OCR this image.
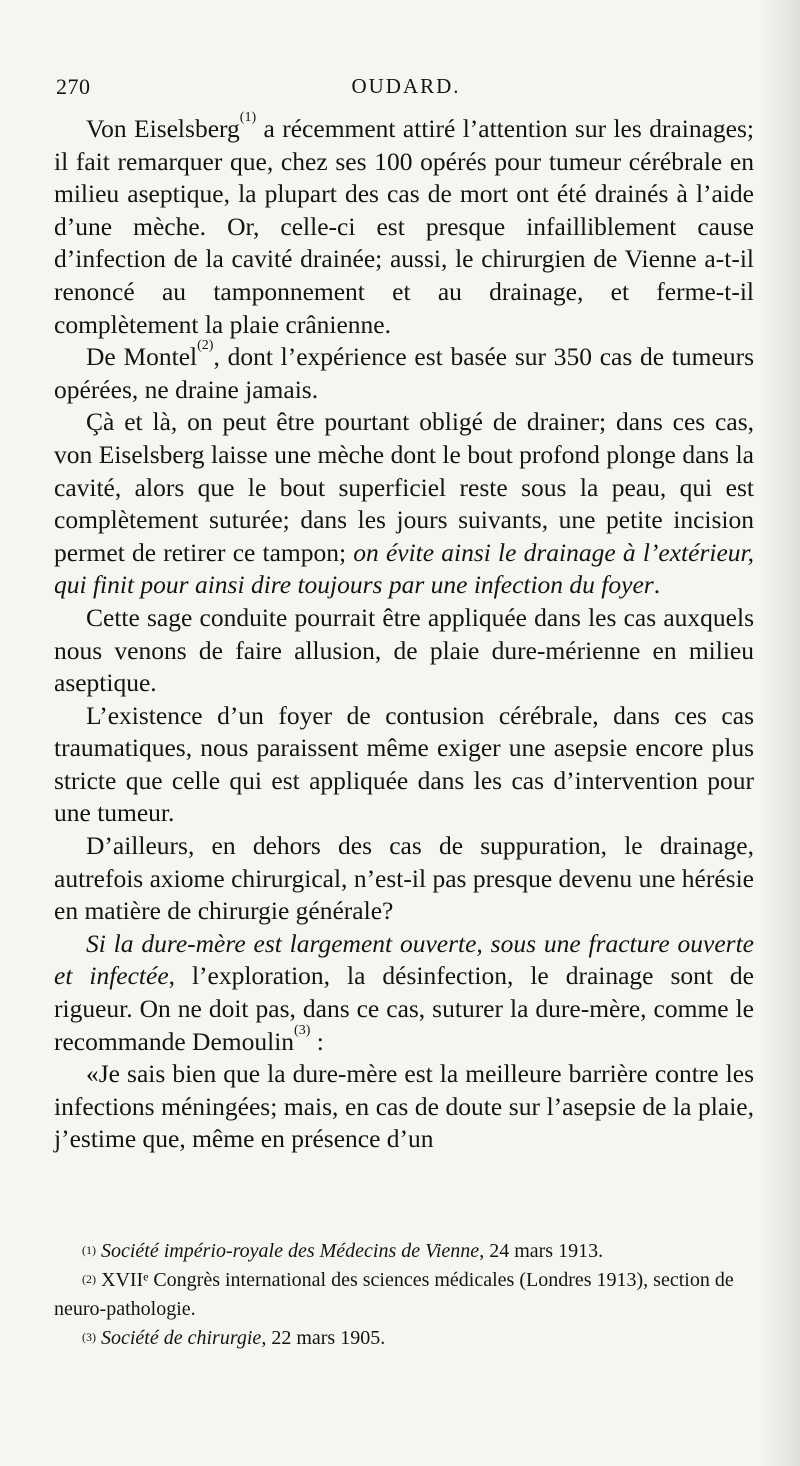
270	OUDARD.

Von Eiselsberg$^{(1)}$ a récemment attiré l’attention sur les drainages; il fait remarquer que, chez ses 100 opérés pour tumeur cérébrale en milieu aseptique, la plupart des cas de mort ont été drainés à l’aide d’une mèche. Or, celle-ci est presque infailliblement cause d’infection de la cavité drainée; aussi, le chirurgien de Vienne a-t-il renoncé au tamponnement et au drainage, et ferme-t-il complètement la plaie crânienne.

De Montel$^{(2)}$, dont l’expérience est basée sur 350 cas de tumeurs opérées, ne draine jamais.

Çà et là, on peut être pourtant obligé de drainer; dans ces cas, von Eiselsberg laisse une mèche dont le bout profond plonge dans la cavité, alors que le bout superficiel reste sous la peau, qui est complètement suturée; dans les jours suivants, une petite incision permet de retirer ce tampon; on évite ainsi le drainage à l’extérieur, qui finit pour ainsi dire toujours par une infection du foyer.

Cette sage conduite pourrait être appliquée dans les cas auxquels nous venons de faire allusion, de plaie dure-mérienne en milieu aseptique.

L’existence d’un foyer de contusion cérébrale, dans ces cas traumatiques, nous paraissent même exiger une asepsie encore plus stricte que celle qui est appliquée dans les cas d’intervention pour une tumeur.

D’ailleurs, en dehors des cas de suppuration, le drainage, autrefois axiome chirurgical, n’est-il pas presque devenu une hérésie en matière de chirurgie générale?

Si la dure-mère est largement ouverte, sous une fracture ouverte et infectée, l’exploration, la désinfection, le drainage sont de rigueur. On ne doit pas, dans ce cas, suturer la dure-mère, comme le recommande Demoulin$^{(3)}$ :

«Je sais bien que la dure-mère est la meilleure barrière contre les infections méningées; mais, en cas de doute sur l’asepsie de la plaie, j’estime que, même en présence d’un

$^{(1)}$ Société império-royale des Médecins de Vienne, 24 mars 1913.

$^{(2)}$ XVIIᵉ Congrès international des sciences médicales (Londres 1913), section de neuro-pathologie.

$^{(3)}$ Société de chirurgie, 22 mars 1905.
